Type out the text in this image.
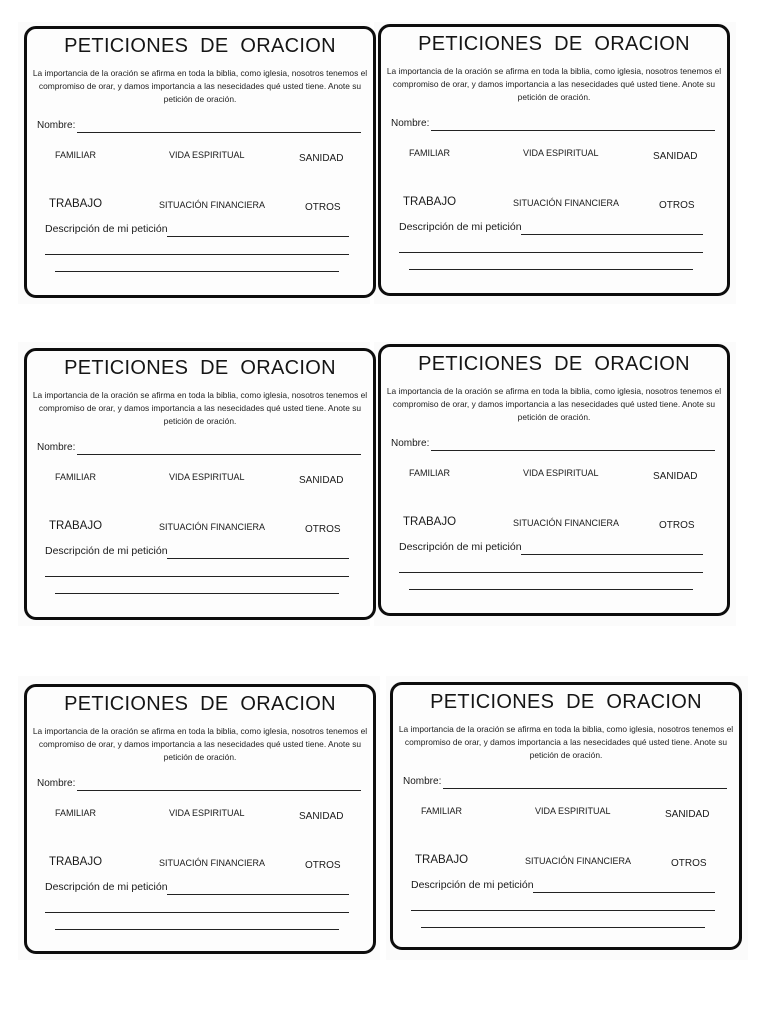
PETICIONES DE ORACION
La importancia de la oración se afirma en toda la biblia, como iglesia, nosotros tenemos el compromiso de orar, y damos importancia a las nesecidades qué usted tiene. Anote su petición de oración.
Nombre:
FAMILIAR	VIDA ESPIRITUAL	SANIDAD
TRABAJO	SITUACIÓN FINANCIERA	OTROS
Descripción de mi petición
PETICIONES DE ORACION
La importancia de la oración se afirma en toda la biblia, como iglesia, nosotros tenemos el compromiso de orar, y damos importancia a las nesecidades qué usted tiene. Anote su petición de oración.
Nombre:
FAMILIAR	VIDA ESPIRITUAL	SANIDAD
TRABAJO	SITUACIÓN FINANCIERA	OTROS
Descripción de mi petición
PETICIONES DE ORACION
La importancia de la oración se afirma en toda la biblia, como iglesia, nosotros tenemos el compromiso de orar, y damos importancia a las nesecidades qué usted tiene. Anote su petición de oración.
Nombre:
FAMILIAR	VIDA ESPIRITUAL	SANIDAD
TRABAJO	SITUACIÓN FINANCIERA	OTROS
Descripción de mi petición
PETICIONES DE ORACION
La importancia de la oración se afirma en toda la biblia, como iglesia, nosotros tenemos el compromiso de orar, y damos importancia a las nesecidades qué usted tiene. Anote su petición de oración.
Nombre:
FAMILIAR	VIDA ESPIRITUAL	SANIDAD
TRABAJO	SITUACIÓN FINANCIERA	OTROS
Descripción de mi petición
PETICIONES DE ORACION
La importancia de la oración se afirma en toda la biblia, como iglesia, nosotros tenemos el compromiso de orar, y damos importancia a las nesecidades qué usted tiene. Anote su petición de oración.
Nombre:
FAMILIAR	VIDA ESPIRITUAL	SANIDAD
TRABAJO	SITUACIÓN FINANCIERA	OTROS
Descripción de mi petición
PETICIONES DE ORACION
La importancia de la oración se afirma en toda la biblia, como iglesia, nosotros tenemos el compromiso de orar, y damos importancia a las nesecidades qué usted tiene. Anote su petición de oración.
Nombre:
FAMILIAR	VIDA ESPIRITUAL	SANIDAD
TRABAJO	SITUACIÓN FINANCIERA	OTROS
Descripción de mi petición
